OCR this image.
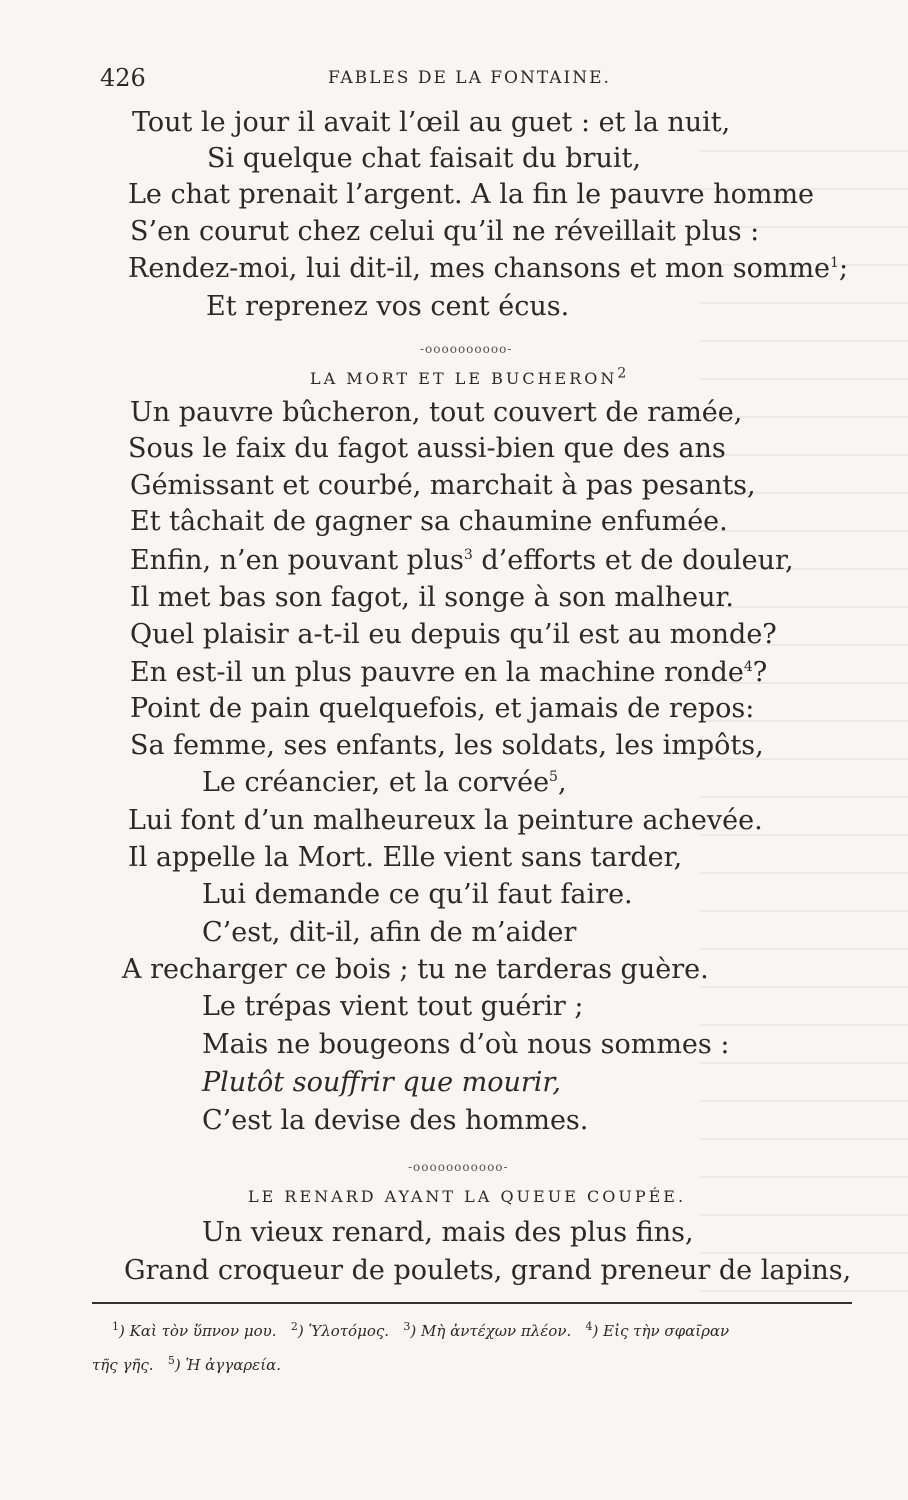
426	FABLES DE LA FONTAINE.
Tout le jour il avait l’œil au guet : et la nuit,
Si quelque chat faisait du bruit,
Le chat prenait l’argent. A la fin le pauvre homme
S’en courut chez celui qu’il ne réveillait plus :
Rendez-moi, lui dit-il, mes chansons et mon somme$^1$;
Et reprenez vos cent écus.
-oooooooooo-
LA MORT ET LE BUCHERON$^2$
Un pauvre bûcheron, tout couvert de ramée,
Sous le faix du fagot aussi-bien que des ans
Gémissant et courbé, marchait à pas pesants,
Et tâchait de gagner sa chaumine enfumée.
Enfin, n’en pouvant plus$^3$ d’efforts et de douleur,
Il met bas son fagot, il songe à son malheur.
Quel plaisir a-t-il eu depuis qu’il est au monde?
En est-il un plus pauvre en la machine ronde$^4$?
Point de pain quelquefois, et jamais de repos:
Sa femme, ses enfants, les soldats, les impôts,
Le créancier, et la corvée$^5$,
Lui font d’un malheureux la peinture achevée.
Il appelle la Mort. Elle vient sans tarder,
Lui demande ce qu’il faut faire.
C’est, dit-il, afin de m’aider
A recharger ce bois ; tu ne tarderas guère.
Le trépas vient tout guérir ;
Mais ne bougeons d’où nous sommes :
Plutôt souffrir que mourir,
C’est la devise des hommes.
-ooooooooooo-
LE RENARD AYANT LA QUEUE COUPÉE.
Un vieux renard, mais des plus fins,
Grand croqueur de poulets, grand preneur de lapins,
$^1$) Καὶ τὸν ὕπνον μου. $^2$) Ὑλοτόμος. $^3$) Μὴ ἀντέχων πλέον. $^4$) Εἰς τὴν σφαῖραν
τῆς γῆς. $^5$) Ἡ ἀγγαρεία.
